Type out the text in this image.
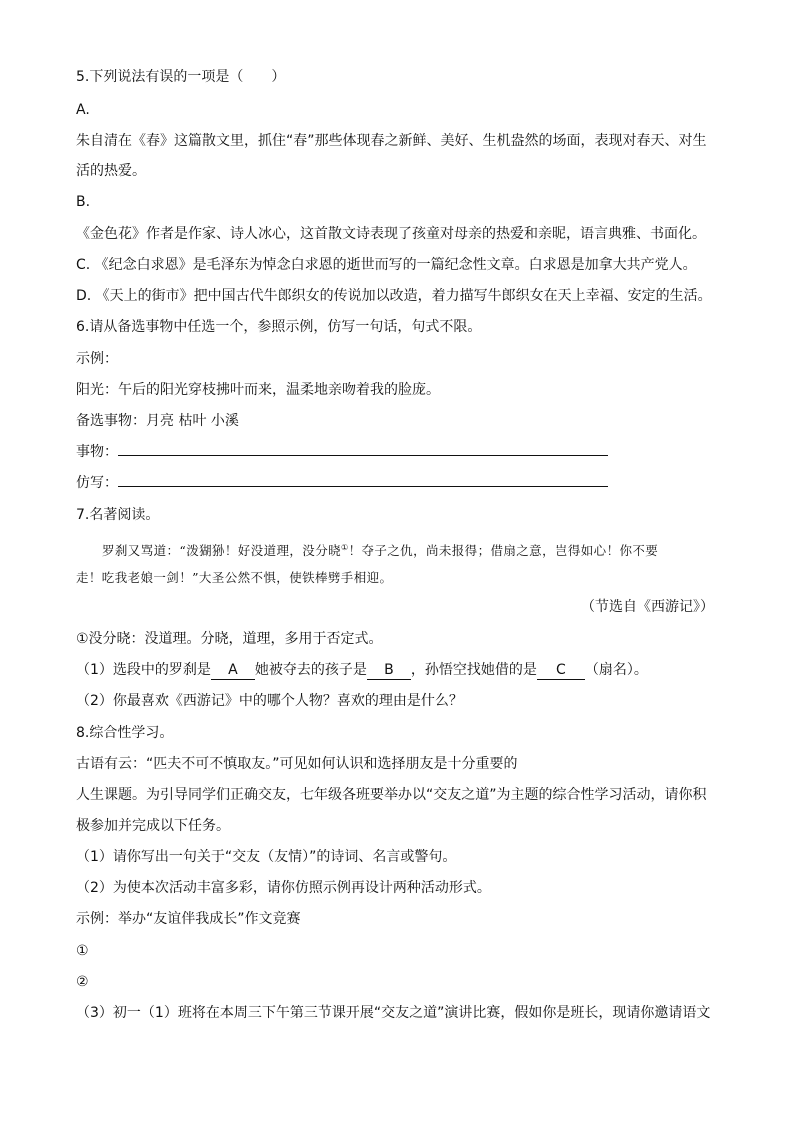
5.下列说法有误的一项是（　　）
A.
朱自清在《春》这篇散文里，抓住“春”那些体现春之新鲜、美好、生机盎然的场面，表现对春天、对生
活的热爱。
B.
《金色花》作者是作家、诗人冰心，这首散文诗表现了孩童对母亲的热爱和亲昵，语言典雅、书面化。
C. 《纪念白求恩》是毛泽东为悼念白求恩的逝世而写的一篇纪念性文章。白求恩是加拿大共产党人。
D. 《天上的街市》把中国古代牛郎织女的传说加以改造，着力描写牛郎织女在天上幸福、安定的生活。
6.请从备选事物中任选一个，参照示例，仿写一句话，句式不限。
示例：
阳光：午后的阳光穿枝拂叶而来，温柔地亲吻着我的脸庞。
备选事物：月亮 枯叶 小溪
事物：
仿写：
7.名著阅读。
罗刹又骂道：“泼猢狲！好没道理，没分晓①！夺子之仇，尚未报得；借扇之意，岂得如心！你不要
走！吃我老娘一剑！”大圣公然不惧，使铁棒劈手相迎。
（节选自《西游记》）
①没分晓：没道理。分晓，道理，多用于否定式。
（1）选段中的罗刹是 A 她被夺去的孩子是 B ，孙悟空找她借的是 C （扇名）。
（2）你最喜欢《西游记》中的哪个人物？喜欢的理由是什么？
8.综合性学习。
古语有云：“匹夫不可不慎取友。”可见如何认识和选择朋友是十分重要的
人生课题。为引导同学们正确交友，七年级各班要举办以“交友之道”为主题的综合性学习活动，请你积
极参加并完成以下任务。
（1）请你写出一句关于“交友（友情）”的诗词、名言或警句。
（2）为使本次活动丰富多彩，请你仿照示例再设计两种活动形式。
示例：举办“友谊伴我成长”作文竞赛
①
②
（3）初一（1）班将在本周三下午第三节课开展“交友之道”演讲比赛，假如你是班长，现请你邀请语文
